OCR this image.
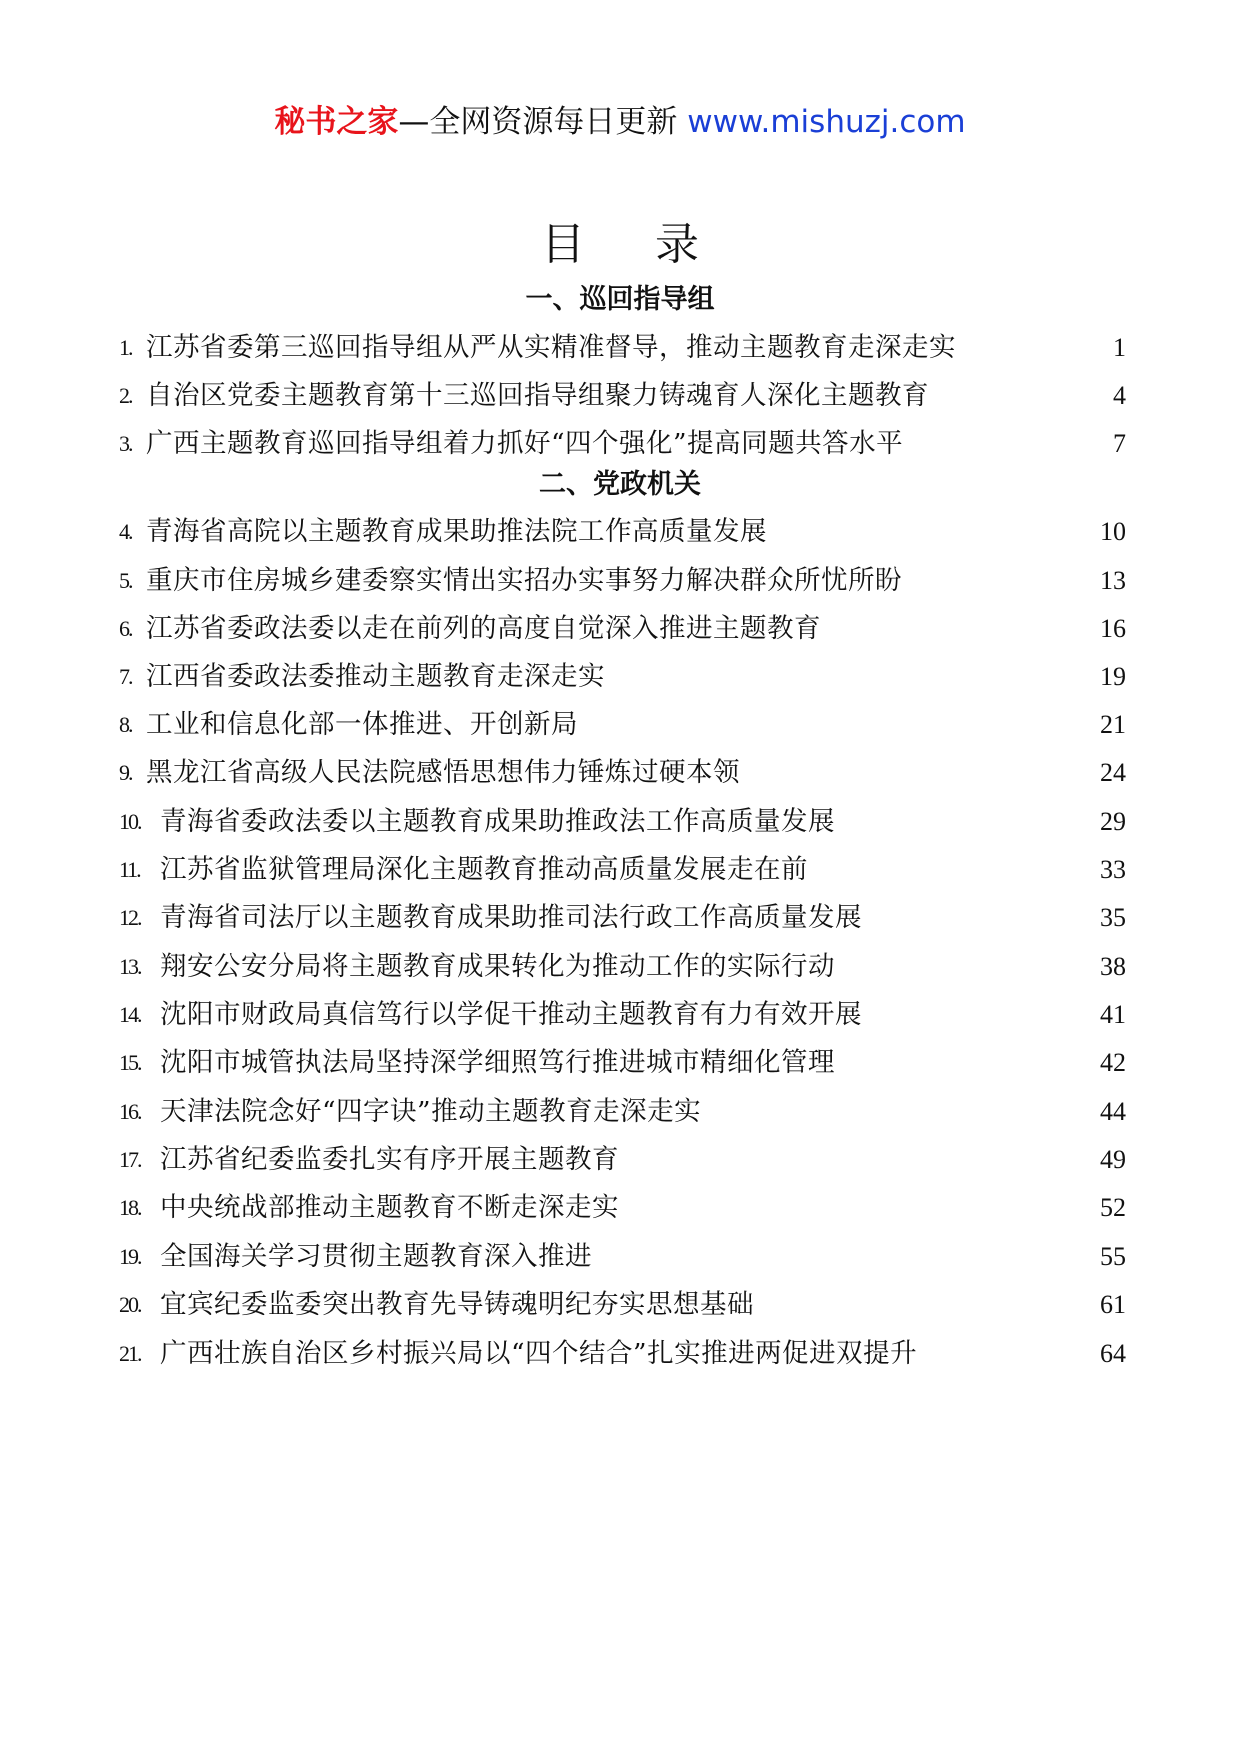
秘书之家—全网资源每日更新 www.mishuzj.com
目 录
一、巡回指导组
1. 江苏省委第三巡回指导组从严从实精准督导，推动主题教育走深走实	1
2. 自治区党委主题教育第十三巡回指导组聚力铸魂育人深化主题教育	4
3. 广西主题教育巡回指导组着力抓好“四个强化”提高同题共答水平	7
二、党政机关
4. 青海省高院以主题教育成果助推法院工作高质量发展	10
5. 重庆市住房城乡建委察实情出实招办实事努力解决群众所忧所盼	13
6. 江苏省委政法委以走在前列的高度自觉深入推进主题教育	16
7. 江西省委政法委推动主题教育走深走实	19
8. 工业和信息化部一体推进、开创新局	21
9. 黑龙江省高级人民法院感悟思想伟力锤炼过硬本领	24
10. 青海省委政法委以主题教育成果助推政法工作高质量发展	29
11. 江苏省监狱管理局深化主题教育推动高质量发展走在前	33
12. 青海省司法厅以主题教育成果助推司法行政工作高质量发展	35
13. 翔安公安分局将主题教育成果转化为推动工作的实际行动	38
14. 沈阳市财政局真信笃行以学促干推动主题教育有力有效开展	41
15. 沈阳市城管执法局坚持深学细照笃行推进城市精细化管理	42
16. 天津法院念好“四字诀”推动主题教育走深走实	44
17. 江苏省纪委监委扎实有序开展主题教育	49
18. 中央统战部推动主题教育不断走深走实	52
19. 全国海关学习贯彻主题教育深入推进	55
20. 宜宾纪委监委突出教育先导铸魂明纪夯实思想基础	61
21. 广西壮族自治区乡村振兴局以“四个结合”扎实推进两促进双提升	64
